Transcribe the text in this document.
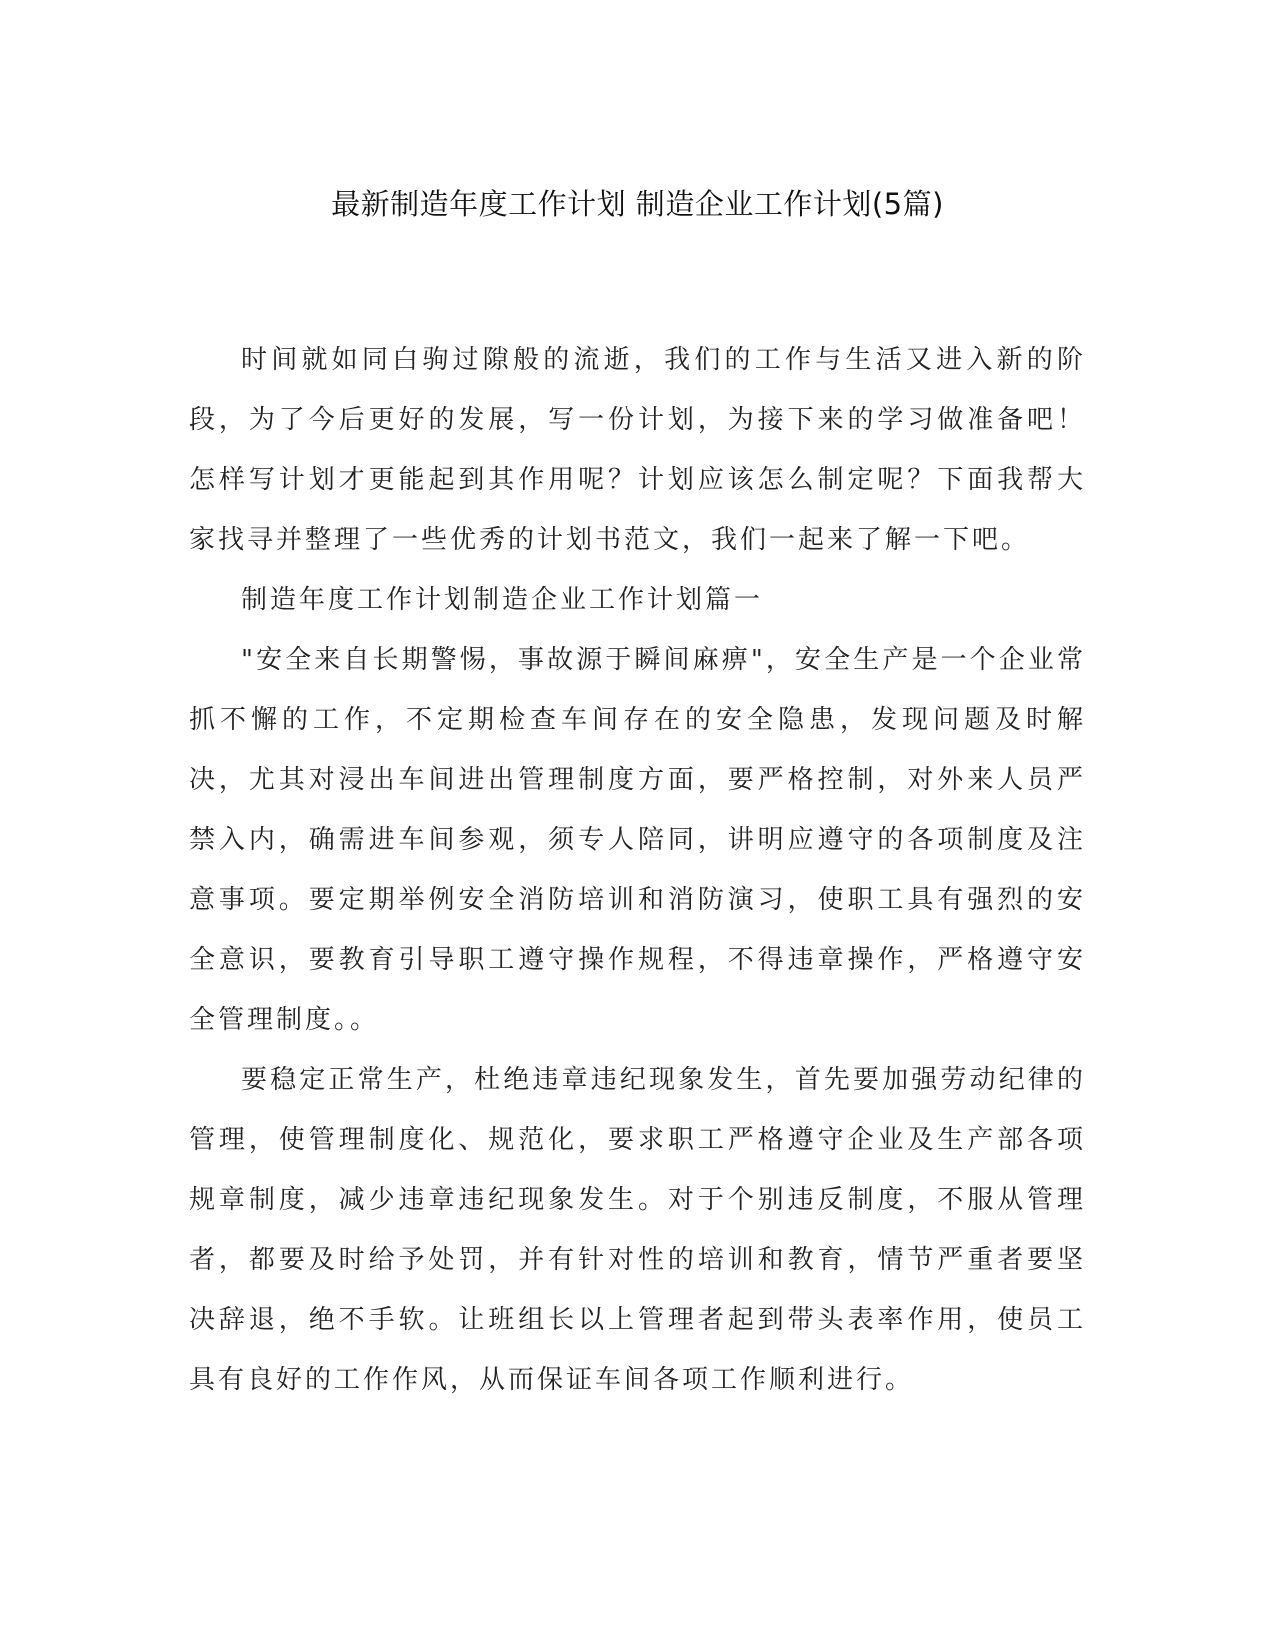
最新制造年度工作计划 制造企业工作计划(5篇)

时间就如同白驹过隙般的流逝，我们的工作与生活又进入新的阶段，为了今后更好的发展，写一份计划，为接下来的学习做准备吧！怎样写计划才更能起到其作用呢？计划应该怎么制定呢？下面我帮大家找寻并整理了一些优秀的计划书范文，我们一起来了解一下吧。

制造年度工作计划制造企业工作计划篇一

"安全来自长期警惕，事故源于瞬间麻痹"，安全生产是一个企业常抓不懈的工作，不定期检查车间存在的安全隐患，发现问题及时解决，尤其对浸出车间进出管理制度方面，要严格控制，对外来人员严禁入内，确需进车间参观，须专人陪同，讲明应遵守的各项制度及注意事项。要定期举例安全消防培训和消防演习，使职工具有强烈的安全意识，要教育引导职工遵守操作规程，不得违章操作，严格遵守安全管理制度。。

要稳定正常生产，杜绝违章违纪现象发生，首先要加强劳动纪律的管理，使管理制度化、规范化，要求职工严格遵守企业及生产部各项规章制度，减少违章违纪现象发生。对于个别违反制度，不服从管理者，都要及时给予处罚，并有针对性的培训和教育，情节严重者要坚决辞退，绝不手软。让班组长以上管理者起到带头表率作用，使员工具有良好的工作作风，从而保证车间各项工作顺利进行。
